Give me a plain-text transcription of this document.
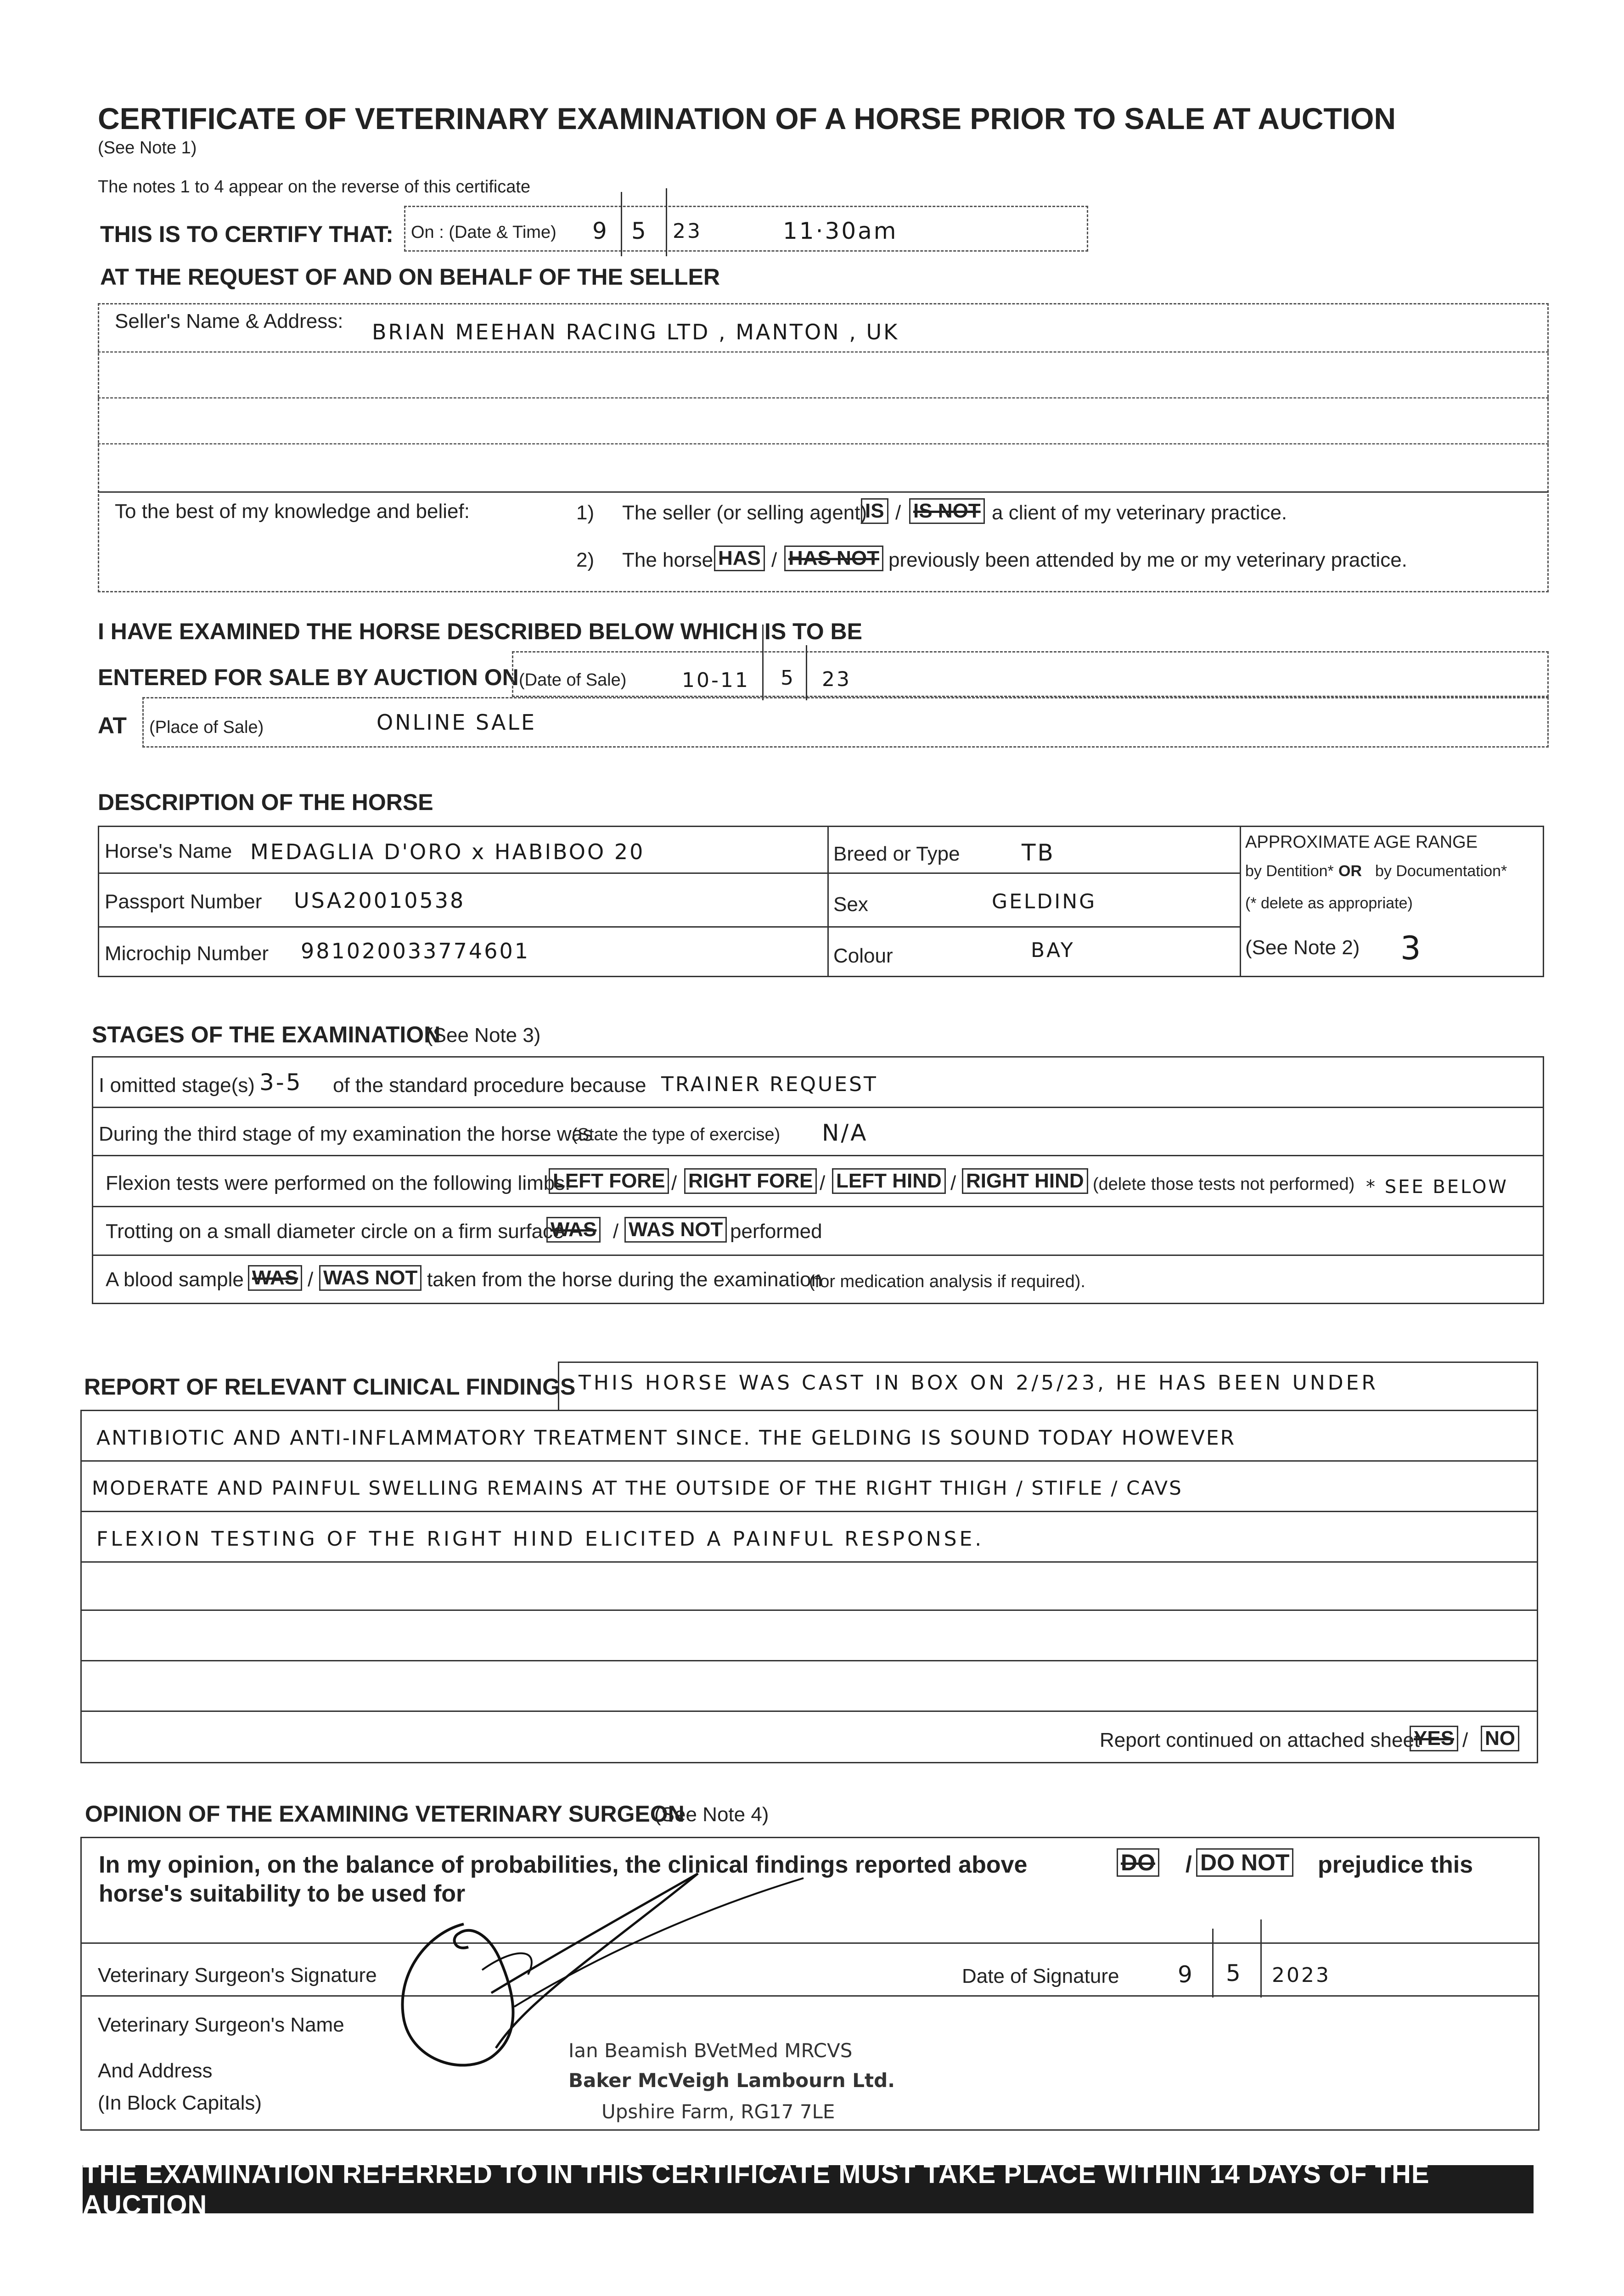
CERTIFICATE OF VETERINARY EXAMINATION OF A HORSE PRIOR TO SALE AT AUCTION
(See Note 1)
The notes 1 to 4 appear on the reverse of this certificate
THIS IS TO CERTIFY THAT: On : (Date & Time) 9 5 23	11·30am
AT THE REQUEST OF AND ON BEHALF OF THE SELLER
Seller's Name & Address: BRIAN MEEHAN RACING LTD , MANTON , UK
To the best of my knowledge and belief:	1) The seller (or selling agent)
IS / IS NOT a client of my veterinary practice.
2) The horse HAS / HAS NOT previously been attended by me or my veterinary practice.
I HAVE EXAMINED THE HORSE DESCRIBED BELOW WHICH IS TO BE
ENTERED FOR SALE BY AUCTION ON (Date of Sale)	10-11 5 23
AT (Place of Sale)	ONLINE SALE
DESCRIPTION OF THE HORSE
Horse's Name MEDAGLIA D'ORO x HABIBOO 20
Passport Number USA20010538
Microchip Number 981020033774601
Breed or Type	TB
Sex	GELDING
Colour	BAY
APPROXIMATE AGE RANGE
by Dentition* OR by Documentation*
(* delete as appropriate)
(See Note 2) 3
STAGES OF THE EXAMINATION
(See Note 3)
I omitted stage(s) 3-5 of the standard procedure because TRAINER REQUEST
During the third stage of my examination the horse was
(State the type of exercise) N/A
Flexion tests were performed on the following limbs:
LEFT FORE / RIGHT FORE / LEFT HIND / RIGHT HIND (delete those tests not performed) * SEE BELOW
Trotting on a small diameter circle on a firm surface
WAS / WAS NOT performed
A blood sample WAS / WAS NOT taken from the horse during the examination
(for medication analysis if required).
REPORT OF RELEVANT CLINICAL FINDINGS THIS HORSE WAS CAST IN BOX ON 2/5/23, HE HAS BEEN UNDER
ANTIBIOTIC AND ANTI-INFLAMMATORY TREATMENT SINCE. THE GELDING IS SOUND TODAY HOWEVER
MODERATE AND PAINFUL SWELLING REMAINS AT THE OUTSIDE OF THE RIGHT THIGH / STIFLE / CAVS
FLEXION TESTING OF THE RIGHT HIND ELICITED A PAINFUL RESPONSE.
Report continued on attached sheet
YES / NO
OPINION OF THE EXAMINING VETERINARY SURGEON
(See Note 4)
In my opinion, on the balance of probabilities, the clinical findings reported above	DO / DO NOT prejudice this
horse's suitability to be used for
Veterinary Surgeon's Signature	Date of Signature	9 5 2023
Veterinary Surgeon's Name
And Address
(In Block Capitals)
Ian Beamish BVetMed MRCVS
Baker McVeigh Lambourn Ltd.
Upshire Farm, RG17 7LE
THE EXAMINATION REFERRED TO IN THIS CERTIFICATE MUST TAKE PLACE WITHIN 14 DAYS OF THE AUCTION
